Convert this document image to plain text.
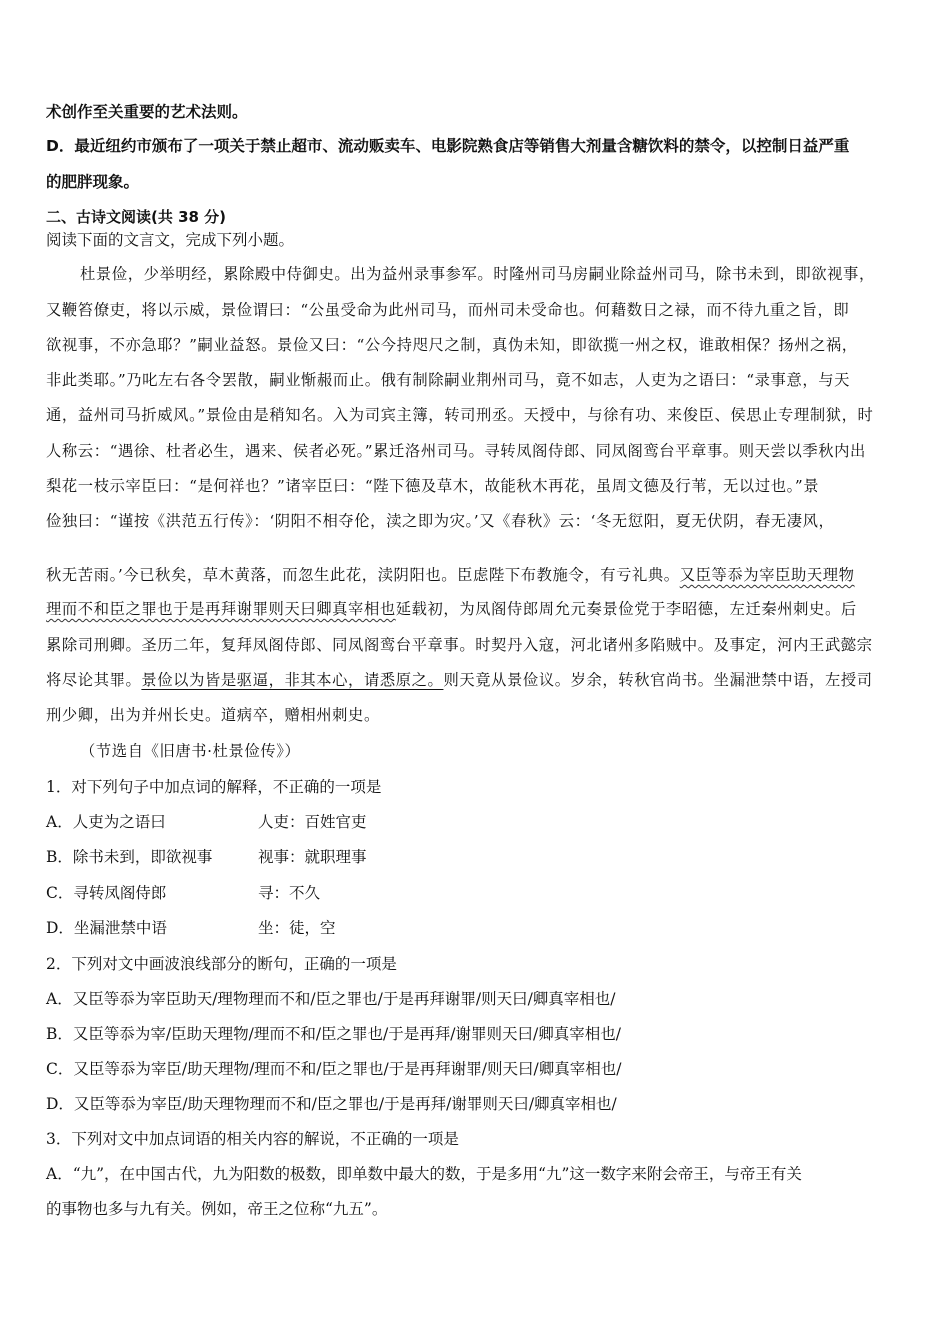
术创作至关重要的艺术法则。
D．最近纽约市颁布了一项关于禁止超市、流动贩卖车、电影院熟食店等销售大剂量含糖饮料的禁令，以控制日益严重
的肥胖现象。
二、古诗文阅读(共 38 分)
阅读下面的文言文，完成下列小题。
杜景俭，少举明经，累除殿中侍御史。出为益州录事参军。时隆州司马房嗣业除益州司马，除书未到，即欲视事，
又鞭笞僚吏，将以示威，景俭谓曰：“公虽受命为此州司马，而州司未受命也。何藉数日之禄，而不待九重之旨，即
欲视事，不亦急耶？”嗣业益怒。景俭又曰：“公今持咫尺之制，真伪未知，即欲揽一州之权，谁敢相保？扬州之祸，
非此类耶。”乃叱左右各令罢散，嗣业惭赧而止。俄有制除嗣业荆州司马，竟不如志，人吏为之语曰：“录事意，与天
通，益州司马折威风。”景俭由是稍知名。入为司宾主簿，转司刑丞。天授中，与徐有功、来俊臣、侯思止专理制狱，时
人称云：“遇徐、杜者必生，遇来、侯者必死。”累迁洛州司马。寻转凤阁侍郎、同凤阁鸾台平章事。则天尝以季秋内出
梨花一枝示宰臣曰：“是何祥也？”诸宰臣曰：“陛下德及草木，故能秋木再花，虽周文德及行苇，无以过也。”景
俭独曰：“谨按《洪范五行传》：‘阴阳不相夺伦，渎之即为灾。’又《春秋》云：‘冬无愆阳，夏无伏阴，春无凄风，
秋无苦雨。’今已秋矣，草木黄落，而忽生此花，渎阴阳也。臣虑陛下布教施令，有亏礼典。又臣等忝为宰臣助天理物
理而不和臣之罪也于是再拜谢罪则天曰卿真宰相也延载初，为凤阁侍郎周允元奏景俭党于李昭德，左迁秦州刺史。后
累除司刑卿。圣历二年，复拜凤阁侍郎、同凤阁鸾台平章事。时契丹入寇，河北诸州多陷贼中。及事定，河内王武懿宗
将尽论其罪。景俭以为皆是驱逼，非其本心，请悉原之。则天竟从景俭议。岁余，转秋官尚书。坐漏泄禁中语，左授司
刑少卿，出为并州长史。道病卒，赠相州刺史。
（节选自《旧唐书·杜景俭传》）
1．对下列句子中加点词的解释，不正确的一项是
A．人吏为之语曰	人吏：百姓官吏
B．除书未到，即欲视事	视事：就职理事
C．寻转凤阁侍郎	寻：不久
D．坐漏泄禁中语	坐：徒，空
2．下列对文中画波浪线部分的断句，正确的一项是
A．又臣等忝为宰臣助天/理物理而不和/臣之罪也/于是再拜谢罪/则天曰/卿真宰相也/
B．又臣等忝为宰/臣助天理物/理而不和/臣之罪也/于是再拜/谢罪则天曰/卿真宰相也/
C．又臣等忝为宰臣/助天理物/理而不和/臣之罪也/于是再拜谢罪/则天曰/卿真宰相也/
D．又臣等忝为宰臣/助天理物理而不和/臣之罪也/于是再拜/谢罪则天曰/卿真宰相也/
3．下列对文中加点词语的相关内容的解说，不正确的一项是
A．“九”，在中国古代，九为阳数的极数，即单数中最大的数，于是多用“九”这一数字来附会帝王，与帝王有关
的事物也多与九有关。例如，帝王之位称“九五”。
